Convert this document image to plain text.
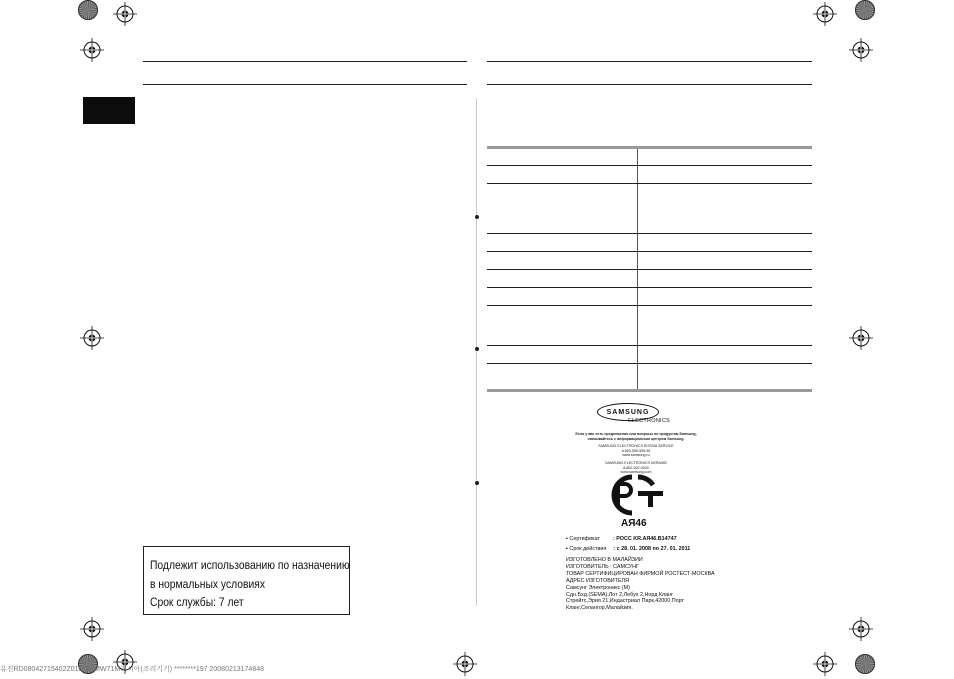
Подлежит использованию по назначению
в нормальных условиях
Срок службы: 7 лет
SAMSUNG
ELECTRONICS
Если у вас есть предложения или вопросы по продуктам Samsung,
связывайтесь с информационным центром Samsung.
SAMSUNG ELECTRONICS RUSSIA SERVICE
8-800-555-555-55
www.samsung.ru
SAMSUNG ELECTRONICS UKRAINE
8-800-502-0000
www.samsung.com
АЯ46
▪ Сертификат : РОСС KR.АЯ46.B14747
▪ Срок действия : с 28. 01. 2008 по 27. 01. 2011
ИЗГОТОВЛЕНО В МАЛАЙЗИИ
ИЗГОТОВИТЕЛЬ : САМСУНГ
ТОВАР СЕРТИФИЦИРОВАН ФИРМОЙ РОСТЕСТ-МОСКВА
АДРЕС ИЗГОТОВИТЕЛЯ
Самсунг Электроникс (М)
Сдн.Бхд.(SEMA),Лот 2,Лебух 2,Норд Кланг
Стрейтс,Эрия 21,Индастриал Парк,42000 Порт
Кланг,Селангор,Малайзия.
유진RD08042715402Z018212MW71M러시아(조리기기) ********197 20080213174848
